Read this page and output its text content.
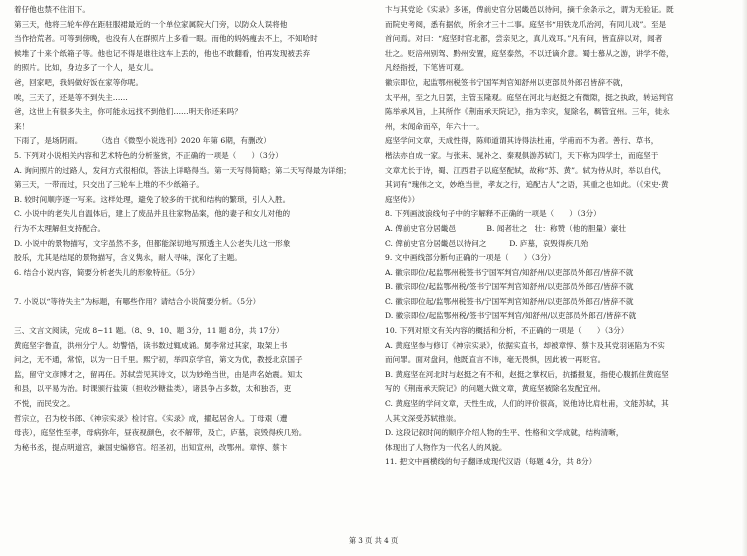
着仔他也禁不住泪下。
第三天，他将三轮车停在距驻服裙最近的一个单位家属院大门旁，以防众人误将他
当作拾荒者。可等到傍晚，也没有人在群照片上多看一眼。而他的妈妈瘦去不上，不知哈时
候堆了十来个纸箱子等。他也记不得是谁往这车上丢的，他也不敢翻看，怕再发现被丢弃
的照片。比如，身边多了一个人，是女儿。
爸，回家吧，我妈做好饭在家等你呢。
唉，三天了，还是等不到失主……
爸，这世上有很多失主，你可能永远找不到他们……明天你还来吗？
来！
下雨了，是场阴雨。　　　（选自《微型小说选刊》2020 年第 6期，有删改）
5. 下列对小说相关内容和艺术特色的分析鉴赏，不正确的一项是（　　）（3分）
A. 询问照片的过路人，发问方式很相似，答法上详略得当。第一天写得简略；第二天写得最为详细；
第三天，一带而过，只交出了三轮车上堆的不少纸箱子。
B. 较时间顺序逐一写来。这样处理，避免了较多的干扰和结构的繁琐，引人入胜。
C. 小说中的老失儿自温体后，建上了废品并且往家物品案，他的妻子和女儿对他的
行为不太理解但支持配合。
D. 小说中的景物描写，文字虽然不多，但都能深切地写照透主人公老失儿这一形象
胶乐，尤其是结尾的景物描写，含义隽永，耐人寻味，深化了主题。
6. 结合小说内容，简要分析老失儿的形象特征。（5分）
7. 小说以“等待失主”为标题，有哪些作用？请结合小说简要分析。（5分）
三、文言文阅读，完成 8~11 题。（8、9、10、题 3分，11 题 8分，共 17分）
黄庭坚字鲁直，洪州分宁人。幼警悟，读书数过辄成诵。舅李常过其家，取架上书
问之，无不通，常惊，以为一日千里。熙宁初，举四京学官，第文为优，教授北京国子
监，留守文彦博才之，留再任。苏轼尝见其诗文，以为妙绝当世，由是声名始震。知太
和县，以平易为治。时课颁行盐策（担收沙糖盐类），诸县争占多数，太和独否，吏
不悦，而民安之。
哲宗立，召为校书郎、《神宗实录》检讨官。《实录》成，擢起居舍人。丁母艰（遭
母丧），庭坚性至孝，母病弥年，昼夜视颜色，衣不解带，及亡，庐墓，哀毁得疾几殆。
为秘书丞，提点明道宫，兼国史编修官。绍圣初，出知宣州，改鄂州。章惇、蔡卞
卞与其党论《实录》多诬，俾前史官分居畿邑以待问，摘千余条示之，谓为无验证。既
而院史考阅，悉有据依，所余才三十二事。庭坚书“用铁龙爪治河，有同儿戏”。至是
首问焉。对曰：“庭坚时官北都，尝亲见之，真儿戏耳。”凡有问，皆直辞以对，闻者
壮之。贬涪州别驾、黔州安置，庭坚泰然，不以迁谪介意。蜀士慕从之游，讲学不倦，
凡经指授，下笔皆可观。
徽宗即位，起监鄂州税签书宁国军判官知舒州以吏部员外郎召皆辞不就，
太平州，至之九日罢，主管玉隆观。庭坚在河北与赵挺之有微隙，挺之执政，转运判官
陈举承风旨，上其所作《荆南承天院记》，指为幸灾，复除名，羁管宜州。三年，徙永
州，未闻命而卒，年六十一。
庭坚学问文章，天成性得，陈师道谓其诗得法杜甫，学甫而不为者。善行、草书，
楷法亦自成一家。与张耒、晁补之、秦观俱游苏轼门，天下称为四学士，而庭坚于
文章尤长于诗，蜀、江西君子以庭坚配轼，故称“苏、黄”。轼为侍从时，举以自代，
其词有“瑰伟之文，妙绝当世，孝友之行，追配古人”之语，其重之也如此。（《宋史·黄
庭坚传》）
8. 下列画波浪线句子中的字解释不正确的一项是（　　）（3分）
A. 俾前史官分居畿邑　　　　B. 闻者壮之　壮：称赞（他的胆量）豪壮
C. 俾前史官分居畿邑以待问之　　　D. 庐墓，哀毁得疾几殆
9. 文中画线部分断句正确的一项是（　　）（3分）
A. 徽宗即位/起监鄂州税签书宁国军判官/知舒州/以吏部员外郎召/皆辞不就
B. 徽宗即位/起监鄂州税/签书宁国军判官知舒州/以吏部员外郎召/皆辞不就
C. 徽宗即位起/监鄂州税签书/宁国军判官知舒州/以吏部员外郎召/皆辞不就
D. 徽宗即位/起监鄂州税/签书宁国军判官/知舒州/以吏部员外郎召/皆辞不就
10. 下列对原文有关内容的概括和分析，不正确的一项是（　　）（3分）
A. 黄庭坚参与修订《神宗实录》，依据实直书，却被章惇、蔡卞及其党羽诬陷为不实
而问罪。面对盘问，他既直言不讳，毫无畏惧，因此被一再贬官。
B. 黄庭坚在河北时与赵挺之有不和，赵挺之掌权后，抗播报复，指使心腹抓住黄庭坚
写的《荆南承天院记》的问题大做文章，黄庭坚被除名发配宜州。
C. 黄庭坚的学问文章，天性生成，人们的评价很高，说他诗比肩杜甫，文能苏轼，其
人其文深受苏轼推崇。
D. 这段记叙时间的顺序介绍人物的生平、性格和文学成就，结构清晰，
体现出了人物作为一代名人的风貌。
11. 把文中画横线的句子翻译成现代汉语（每题 4分，共 8分）
第 3 页 共 4 页
